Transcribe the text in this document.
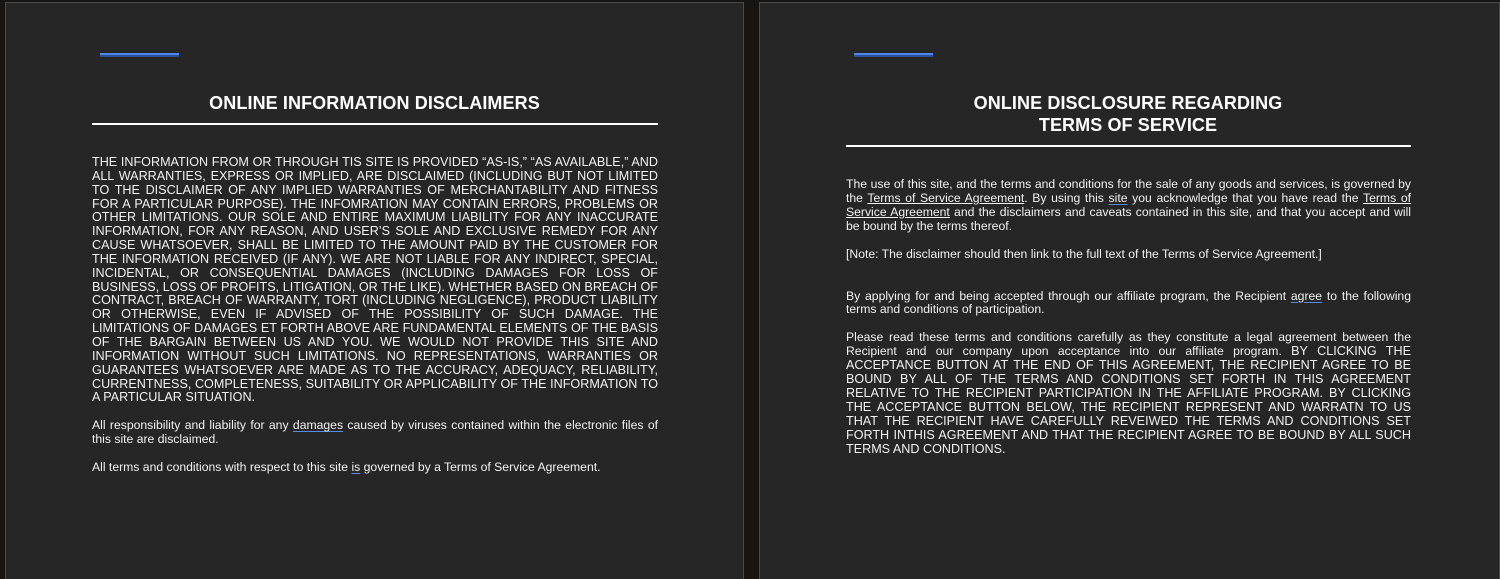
ONLINE INFORMATION DISCLAIMERS

THE INFORMATION FROM OR THROUGH TIS SITE IS PROVIDED “AS-IS,” “AS AVAILABLE,” AND ALL WARRANTIES, EXPRESS OR IMPLIED, ARE DISCLAIMED (INCLUDING BUT NOT LIMITED TO THE DISCLAIMER OF ANY IMPLIED WARRANTIES OF MERCHANTABILITY AND FITNESS FOR A PARTICULAR PURPOSE). THE INFOMRATION MAY CONTAIN ERRORS, PROBLEMS OR OTHER LIMITATIONS. OUR SOLE AND ENTIRE MAXIMUM LIABILITY FOR ANY INACCURATE INFORMATION, FOR ANY REASON, AND USER’S SOLE AND EXCLUSIVE REMEDY FOR ANY CAUSE WHATSOEVER, SHALL BE LIMITED TO THE AMOUNT PAID BY THE CUSTOMER FOR THE INFORMATION RECEIVED (IF ANY). WE ARE NOT LIABLE FOR ANY INDIRECT, SPECIAL, INCIDENTAL, OR CONSEQUENTIAL DAMAGES (INCLUDING DAMAGES FOR LOSS OF BUSINESS, LOSS OF PROFITS, LITIGATION, OR THE LIKE). WHETHER BASED ON BREACH OF CONTRACT, BREACH OF WARRANTY, TORT (INCLUDING NEGLIGENCE), PRODUCT LIABILITY OR OTHERWISE, EVEN IF ADVISED OF THE POSSIBILITY OF SUCH DAMAGE. THE LIMITATIONS OF DAMAGES ET FORTH ABOVE ARE FUNDAMENTAL ELEMENTS OF THE BASIS OF THE BARGAIN BETWEEN US AND YOU. WE WOULD NOT PROVIDE THIS SITE AND INFORMATION WITHOUT SUCH LIMITATIONS. NO REPRESENTATIONS, WARRANTIES OR GUARANTEES WHATSOEVER ARE MADE AS TO THE ACCURACY, ADEQUACY, RELIABILITY, CURRENTNESS, COMPLETENESS, SUITABILITY OR APPLICABILITY OF THE INFORMATION TO A PARTICULAR SITUATION.

All responsibility and liability for any damages caused by viruses contained within the electronic files of this site are disclaimed.

All terms and conditions with respect to this site is governed by a Terms of Service Agreement.

ONLINE DISCLOSURE REGARDING
TERMS OF SERVICE

The use of this site, and the terms and conditions for the sale of any goods and services, is governed by the Terms of Service Agreement. By using this site you acknowledge that you have read the Terms of Service Agreement and the disclaimers and caveats contained in this site, and that you accept and will be bound by the terms thereof.

[Note: The disclaimer should then link to the full text of the Terms of Service Agreement.]

By applying for and being accepted through our affiliate program, the Recipient agree to the following terms and conditions of participation.

Please read these terms and conditions carefully as they constitute a legal agreement between the Recipient and our company upon acceptance into our affiliate program. BY CLICKING THE ACCEPTANCE BUTTON AT THE END OF THIS AGREEMENT, THE RECIPIENT AGREE TO BE BOUND BY ALL OF THE TERMS AND CONDITIONS SET FORTH IN THIS AGREEMENT RELATIVE TO THE RECIPIENT PARTICIPATION IN THE AFFILIATE PROGRAM. BY CLICKING THE ACCEPTANCE BUTTON BELOW, THE RECIPIENT REPRESENT AND WARRATN TO US THAT THE RECIPIENT HAVE CAREFULLY REVEIWED THE TERMS AND CONDITIONS SET FORTH INTHIS AGREEMENT AND THAT THE RECIPIENT AGREE TO BE BOUND BY ALL SUCH TERMS AND CONDITIONS.
